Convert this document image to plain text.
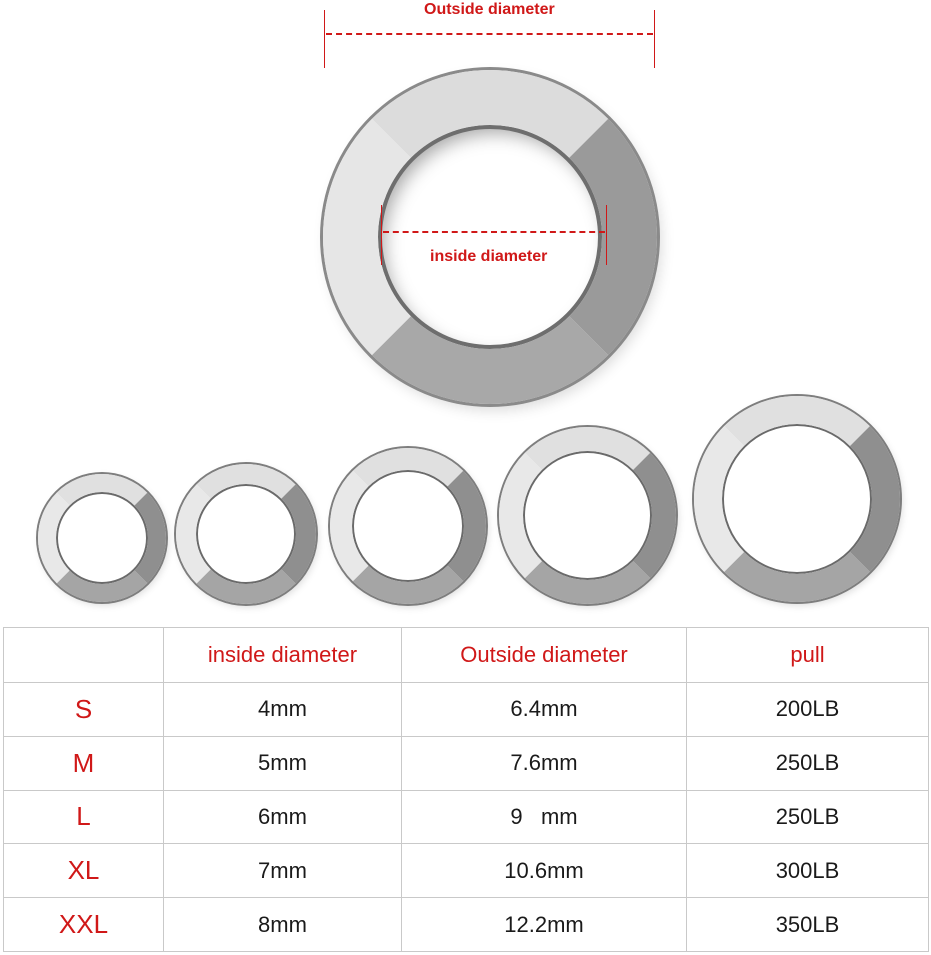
Outside diameter
inside diameter
	inside diameter	Outside diameter	pull
S	4mm	6.4mm	200LB
M	5mm	7.6mm	250LB
L	6mm	9   mm	250LB
XL	7mm	10.6mm	300LB
XXL	8mm	12.2mm	350LB
